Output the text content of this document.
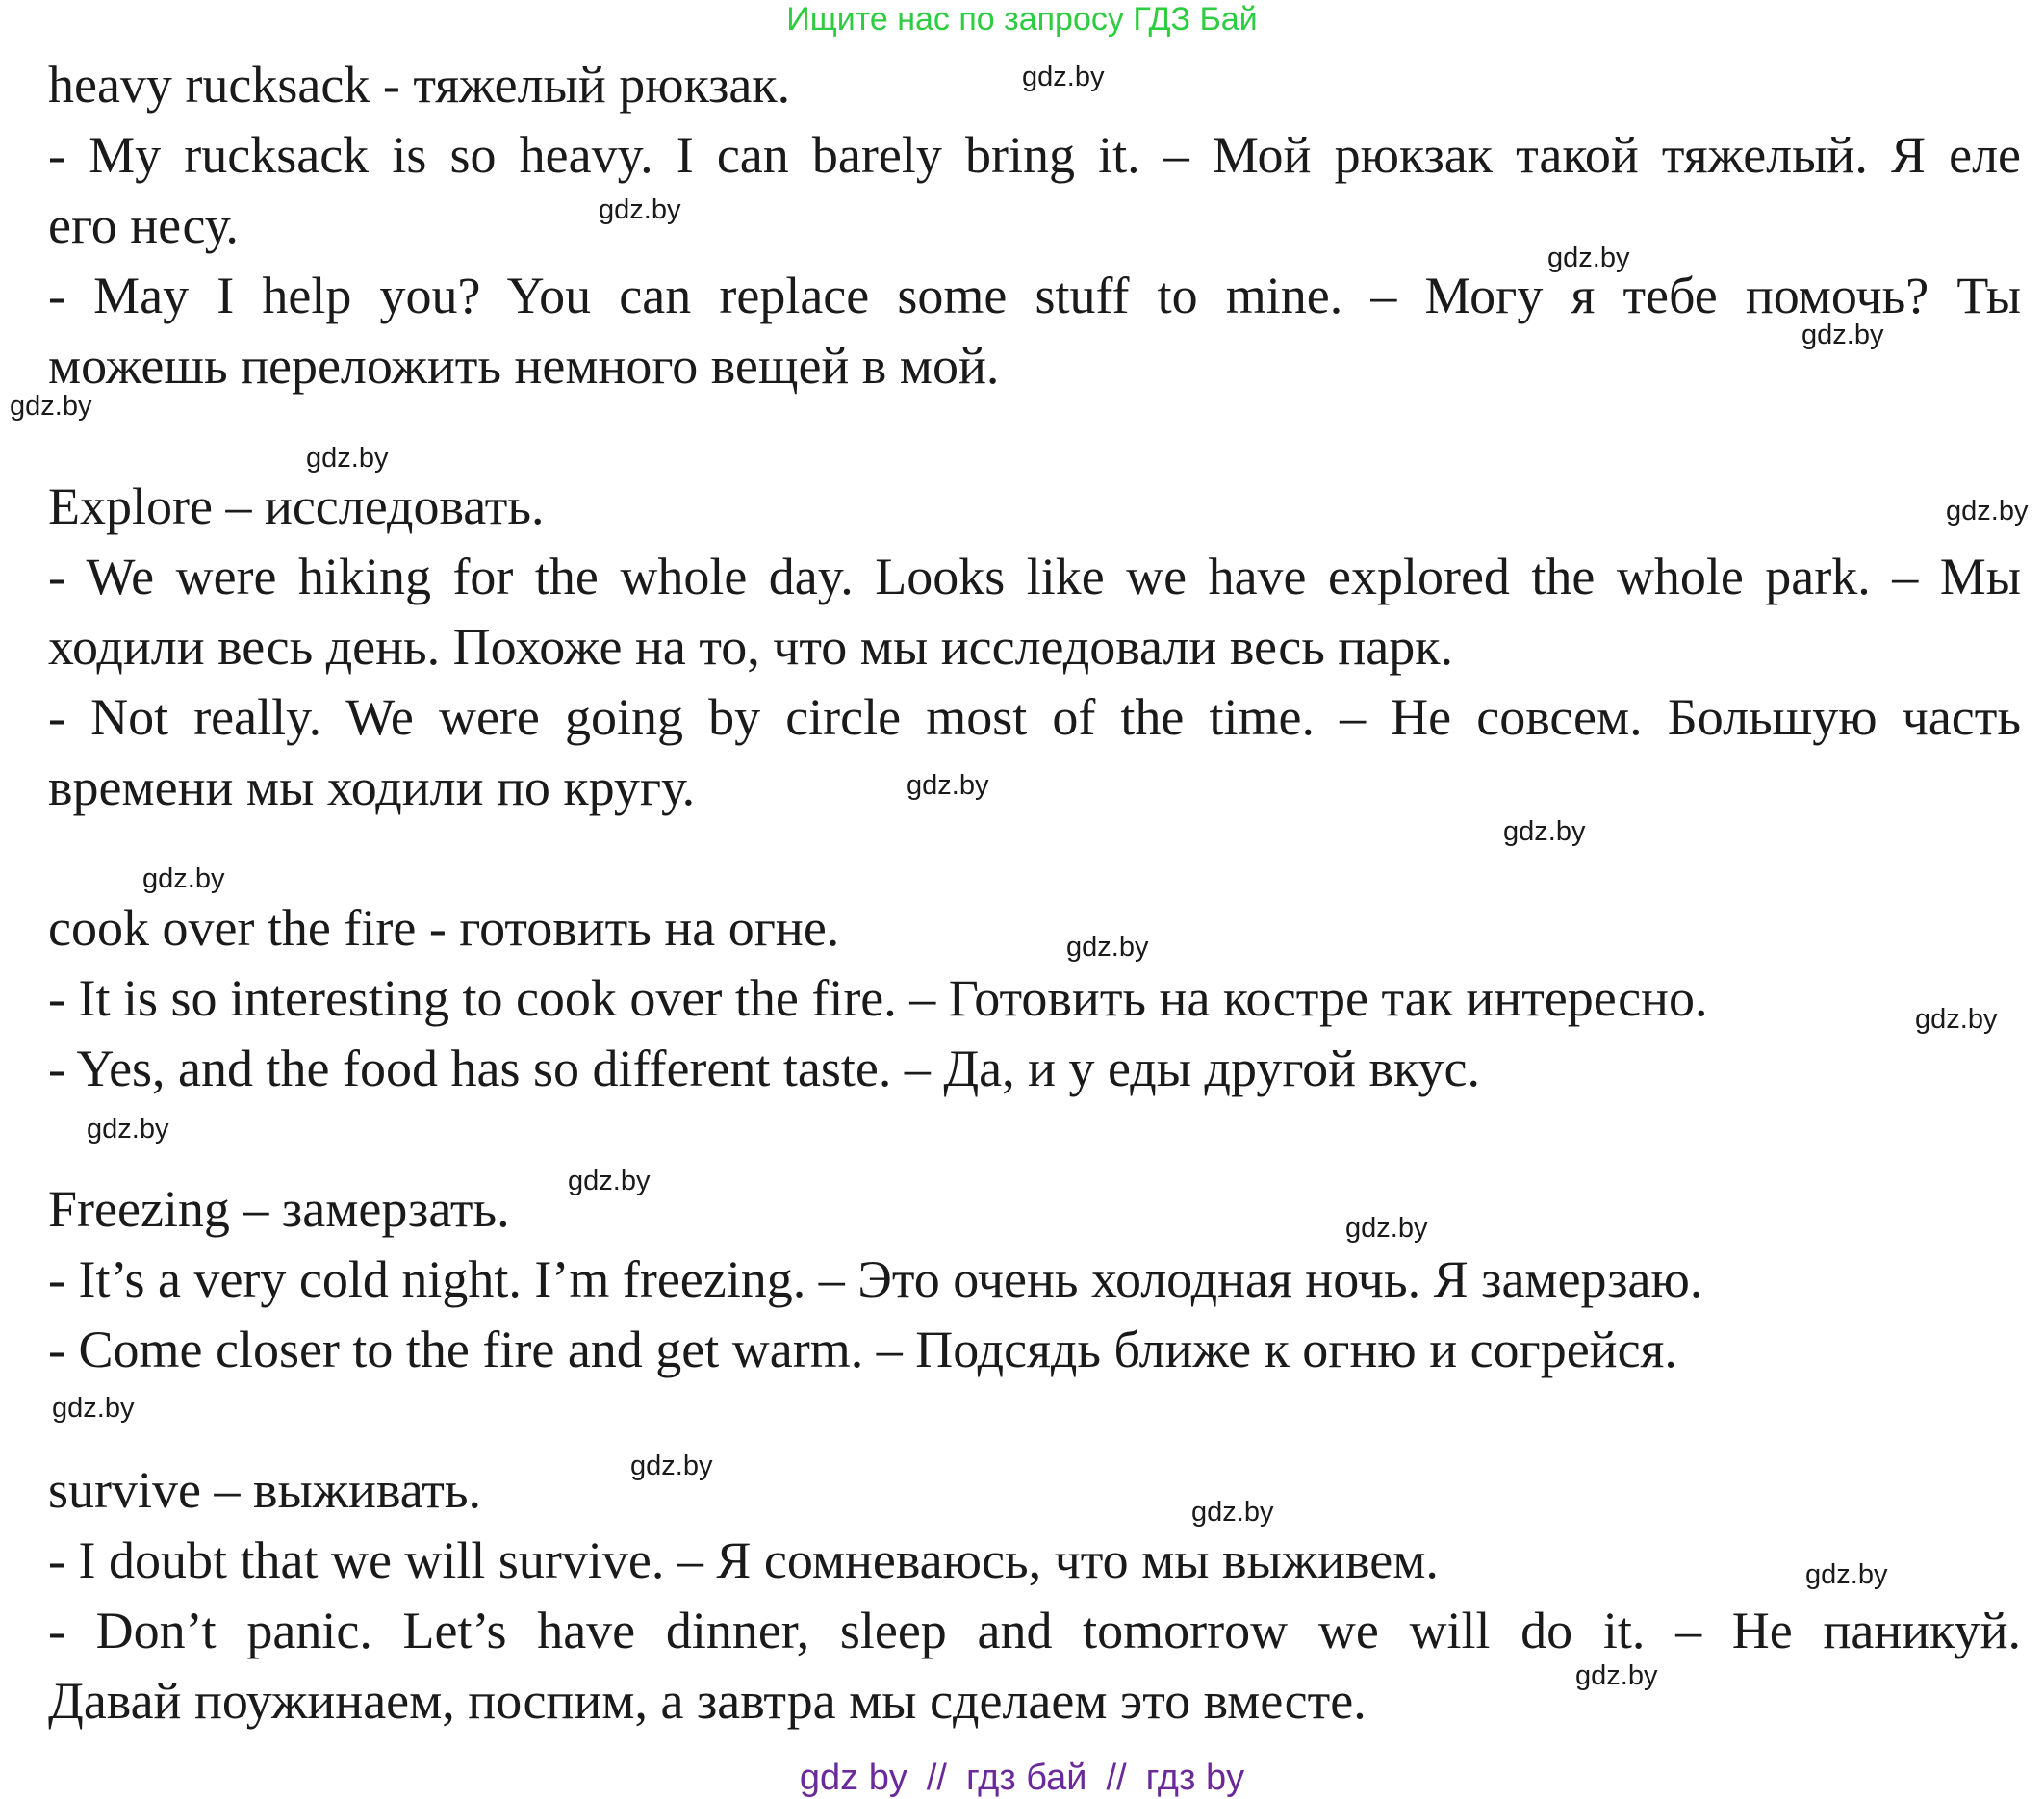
Ищите нас по запросу ГДЗ Бай
heavy rucksack - тяжелый рюкзак.
- My rucksack is so heavy. I can barely bring it. – Мой рюкзак такой тяжелый. Я еле
его несу.
- May I help you? You can replace some stuff to mine. – Могу я тебе помочь? Ты
можешь переложить немного вещей в мой.
Explore – исследовать.
- We were hiking for the whole day. Looks like we have explored the whole park. – Мы
ходили весь день. Похоже на то, что мы исследовали весь парк.
- Not really. We were going by circle most of the time. – Не совсем. Большую часть
времени мы ходили по кругу.
cook over the fire - готовить на огне.
- It is so interesting to cook over the fire. – Готовить на костре так интересно.
- Yes, and the food has so different taste. – Да, и у еды другой вкус.
Freezing – замерзать.
- It’s a very cold night. I’m freezing. – Это очень холодная ночь. Я замерзаю.
- Come closer to the fire and get warm. – Подсядь ближе к огню и согрейся.
survive – выживать.
- I doubt that we will survive. – Я сомневаюсь, что мы выживем.
- Don’t panic. Let’s have dinner, sleep and tomorrow we will do it. – Не паникуй.
Давай поужинаем, поспим, а завтра мы сделаем это вместе.
gdz.by
gdz.by
gdz.by
gdz.by
gdz.by
gdz.by
gdz.by
gdz.by
gdz.by
gdz.by
gdz.by
gdz.by
gdz.by
gdz.by
gdz.by
gdz.by
gdz.by
gdz.by
gdz.by
gdz.by
gdz by // гдз бай // гдз by
